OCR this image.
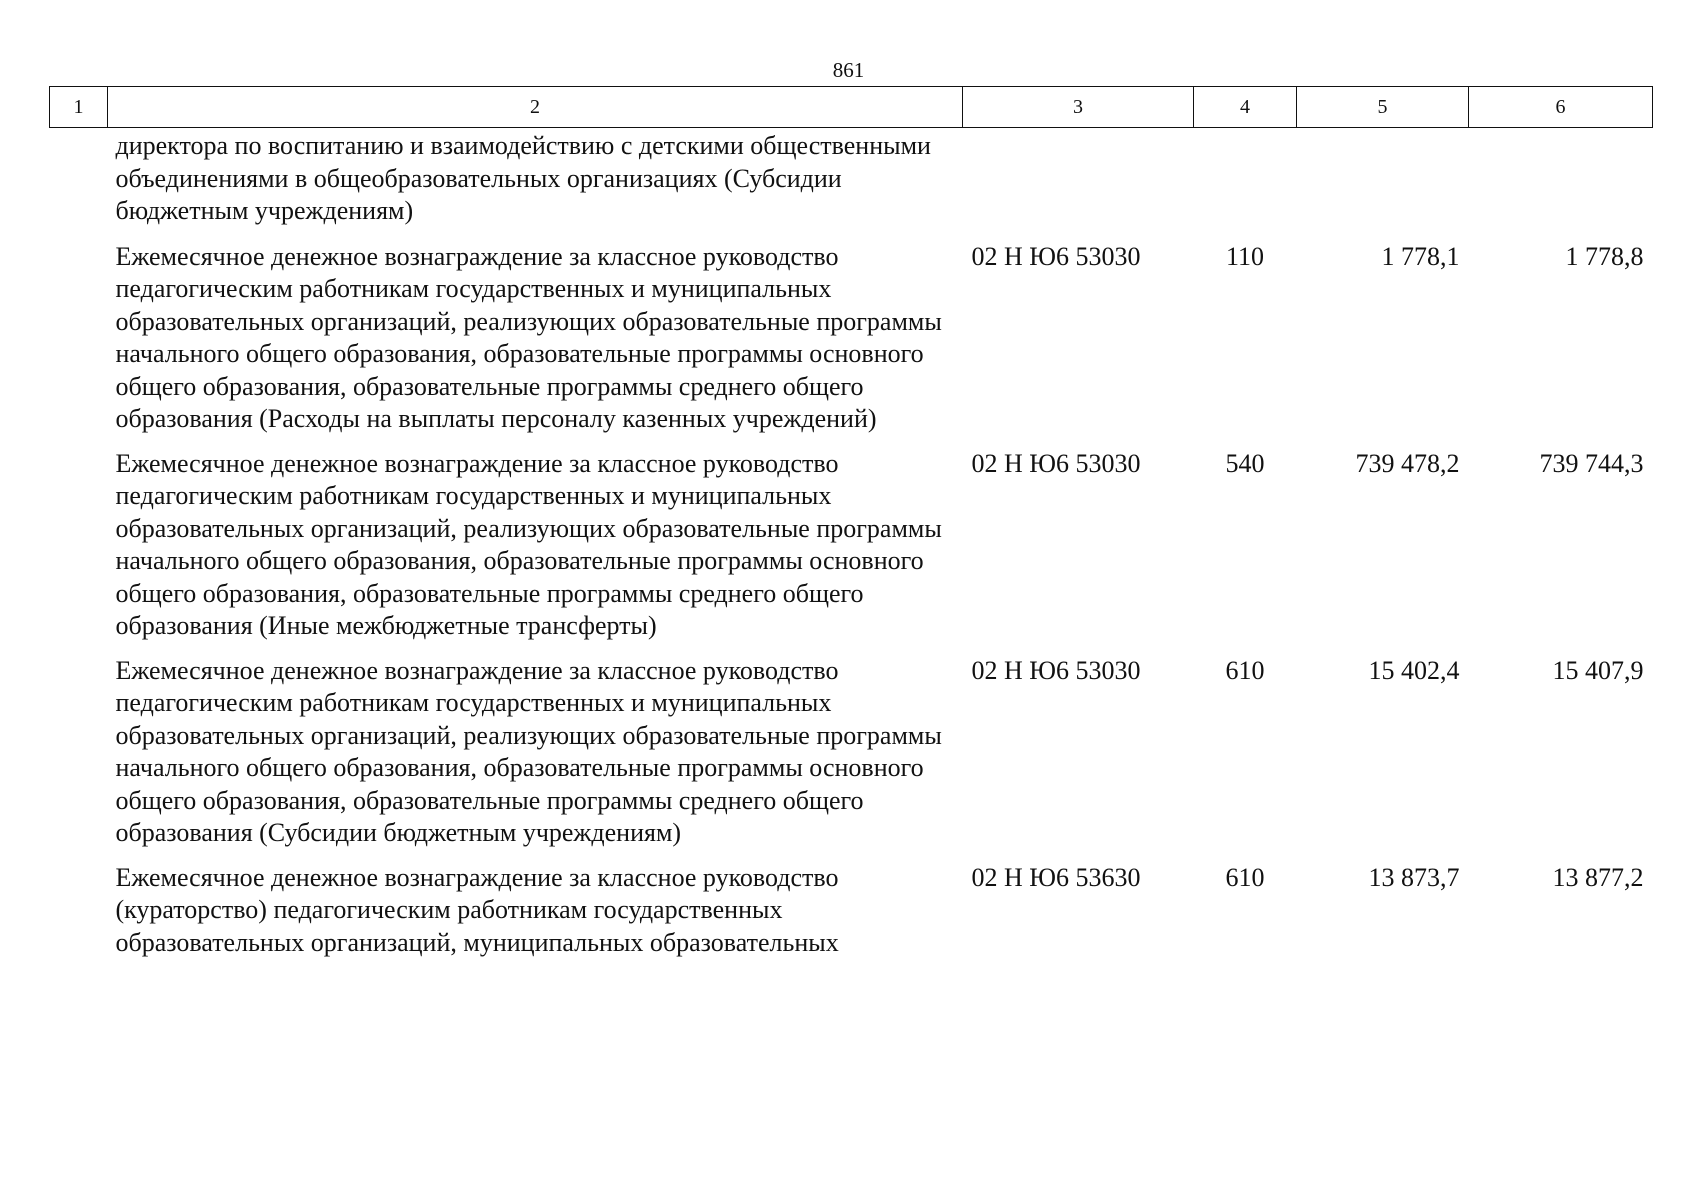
861
1	2	3	4	5	6
	директора по воспитанию и взаимодействию с детскими общественными объединениями в общеобразовательных организациях (Субсидии бюджетным учреждениям)				
	Ежемесячное денежное вознаграждение за классное руководство педагогическим работникам государственных и муниципальных образовательных организаций, реализующих образовательные программы начального общего образования, образовательные программы основного общего образования, образовательные программы среднего общего образования (Расходы на выплаты персоналу казенных учреждений)	02 Н Ю6 53030	110	1 778,1	1 778,8
	Ежемесячное денежное вознаграждение за классное руководство педагогическим работникам государственных и муниципальных образовательных организаций, реализующих образовательные программы начального общего образования, образовательные программы основного общего образования, образовательные программы среднего общего образования (Иные межбюджетные трансферты)	02 Н Ю6 53030	540	739 478,2	739 744,3
	Ежемесячное денежное вознаграждение за классное руководство педагогическим работникам государственных и муниципальных образовательных организаций, реализующих образовательные программы начального общего образования, образовательные программы основного общего образования, образовательные программы среднего общего образования (Субсидии бюджетным учреждениям)	02 Н Ю6 53030	610	15 402,4	15 407,9
	Ежемесячное денежное вознаграждение за классное руководство (кураторство) педагогическим работникам государственных образовательных организаций, муниципальных образовательных	02 Н Ю6 53630	610	13 873,7	13 877,2
